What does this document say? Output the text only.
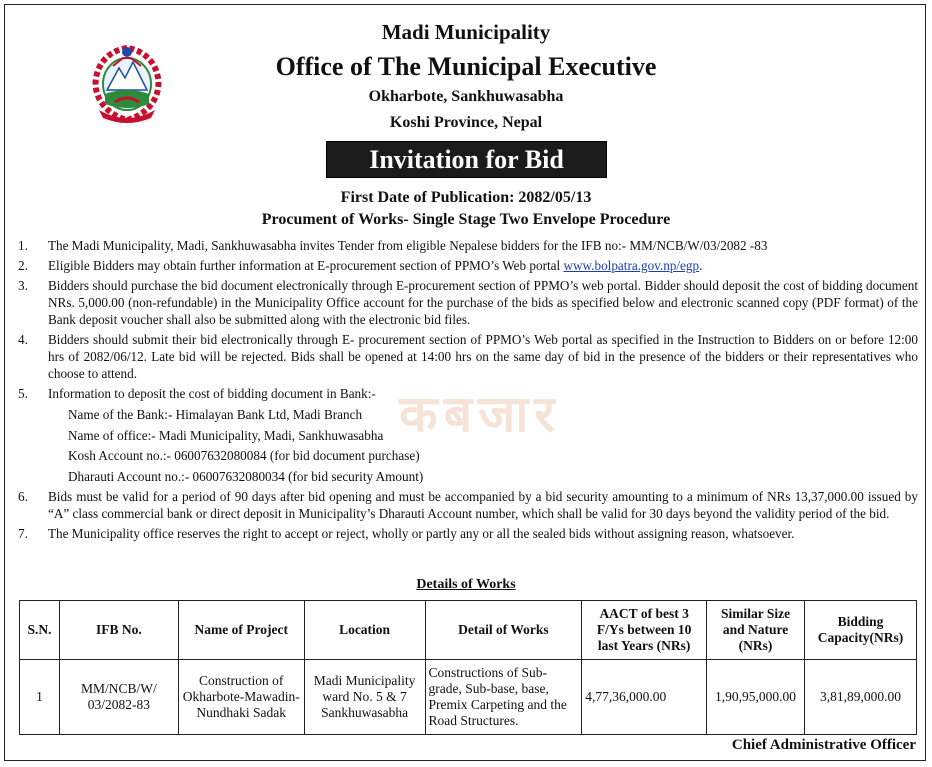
Madi Municipality
Office of The Municipal Executive
Okharbote, Sankhuwasabha
Koshi Province, Nepal
Invitation for Bid
First Date of Publication: 2082/05/13
Procument of Works- Single Stage Two Envelope Procedure
कबजार
1. The Madi Municipality, Madi, Sankhuwasabha invites Tender from eligible Nepalese bidders for the IFB no:- MM/NCB/W/03/2082 -83
2. Eligible Bidders may obtain further information at E-procurement section of PPMO’s Web portal www.bolpatra.gov.np/egp.
3. Bidders should purchase the bid document electronically through E-procurement section of PPMO’s web portal. Bidder should deposit the cost of bidding document NRs. 5,000.00 (non-refundable) in the Municipality Office account for the purchase of the bids as specified below and electronic scanned copy (PDF format) of the Bank deposit voucher shall also be submitted along with the electronic bid files.
4. Bidders should submit their bid electronically through E- procurement section of PPMO’s Web portal as specified in the Instruction to Bidders on or before 12:00 hrs of 2082/06/12. Late bid will be rejected. Bids shall be opened at 14:00 hrs on the same day of bid in the presence of the bidders or their representatives who choose to attend.
5. Information to deposit the cost of bidding document in Bank:-
Name of the Bank:- Himalayan Bank Ltd, Madi Branch
Name of office:- Madi Municipality, Madi, Sankhuwasabha
Kosh Account no.:- 06007632080084 (for bid document purchase)
Dharauti Account no.:- 06007632080034 (for bid security Amount)
6. Bids must be valid for a period of 90 days after bid opening and must be accompanied by a bid security amounting to a minimum of NRs 13,37,000.00 issued by “A” class commercial bank or direct deposit in Municipality’s Dharauti Account number, which shall be valid for 30 days beyond the validity period of the bid.
7. The Municipality office reserves the right to accept or reject, wholly or partly any or all the sealed bids without assigning reason, whatsoever.
Details of Works
S.N.	IFB No.	Name of Project	Location	Detail of Works	AACT of best 3 F/Ys between 10 last Years (NRs)	Similar Size and Nature (NRs)	Bidding Capacity(NRs)
1	MM/NCB/W/ 03/2082-83	Construction of Okharbote-Mawadin-Nundhaki Sadak	Madi Municipality ward No. 5 & 7 Sankhuwasabha	Constructions of Sub-grade, Sub-base, base, Premix Carpeting and the Road Structures.	4,77,36,000.00	1,90,95,000.00	3,81,89,000.00
Chief Administrative Officer
